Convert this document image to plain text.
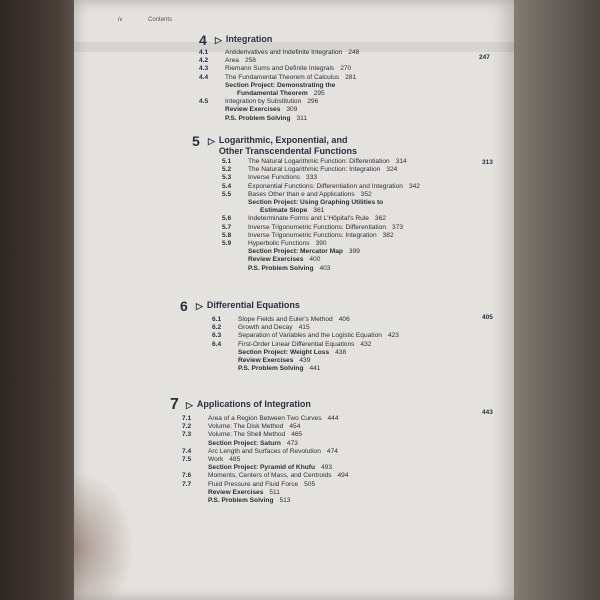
iv	Contents
4 ▷ Integration
247
4.1	Antiderivatives and Indefinite Integration 248
4.2	Area 258
4.3	Riemann Sums and Definite Integrals 270
4.4	The Fundamental Theorem of Calculus 281
Section Project: Demonstrating the
Fundamental Theorem 295
4.5	Integration by Substitution 296
Review Exercises 309
P.S. Problem Solving 311
5 ▷ Logarithmic, Exponential, and
Other Transcendental Functions
313
5.1	The Natural Logarithmic Function: Differentiation 314
5.2	The Natural Logarithmic Function: Integration 324
5.3	Inverse Functions 333
5.4	Exponential Functions: Differentiation and Integration 342
5.5	Bases Other than e and Applications 352
Section Project: Using Graphing Utilities to
Estimate Slope 361
5.6	Indeterminate Forms and L'Hôpital's Rule 362
5.7	Inverse Trigonometric Functions: Differentiation 373
5.8	Inverse Trigonometric Functions: Integration 382
5.9	Hyperbolic Functions 390
Section Project: Mercator Map 399
Review Exercises 400
P.S. Problem Solving 403
6 ▷ Differential Equations
405
6.1	Slope Fields and Euler's Method 406
6.2	Growth and Decay 415
6.3	Separation of Variables and the Logistic Equation 423
6.4	First-Order Linear Differential Equations 432
Section Project: Weight Loss 438
Review Exercises 439
P.S. Problem Solving 441
7 ▷ Applications of Integration
443
7.1	Area of a Region Between Two Curves 444
7.2	Volume: The Disk Method 454
7.3	Volume: The Shell Method 465
Section Project: Saturn 473
7.4	Arc Length and Surfaces of Revolution 474
7.5	Work 485
Section Project: Pyramid of Khufu 493
7.6	Moments, Centers of Mass, and Centroids 494
7.7	Fluid Pressure and Fluid Force 505
Review Exercises 511
P.S. Problem Solving 513
